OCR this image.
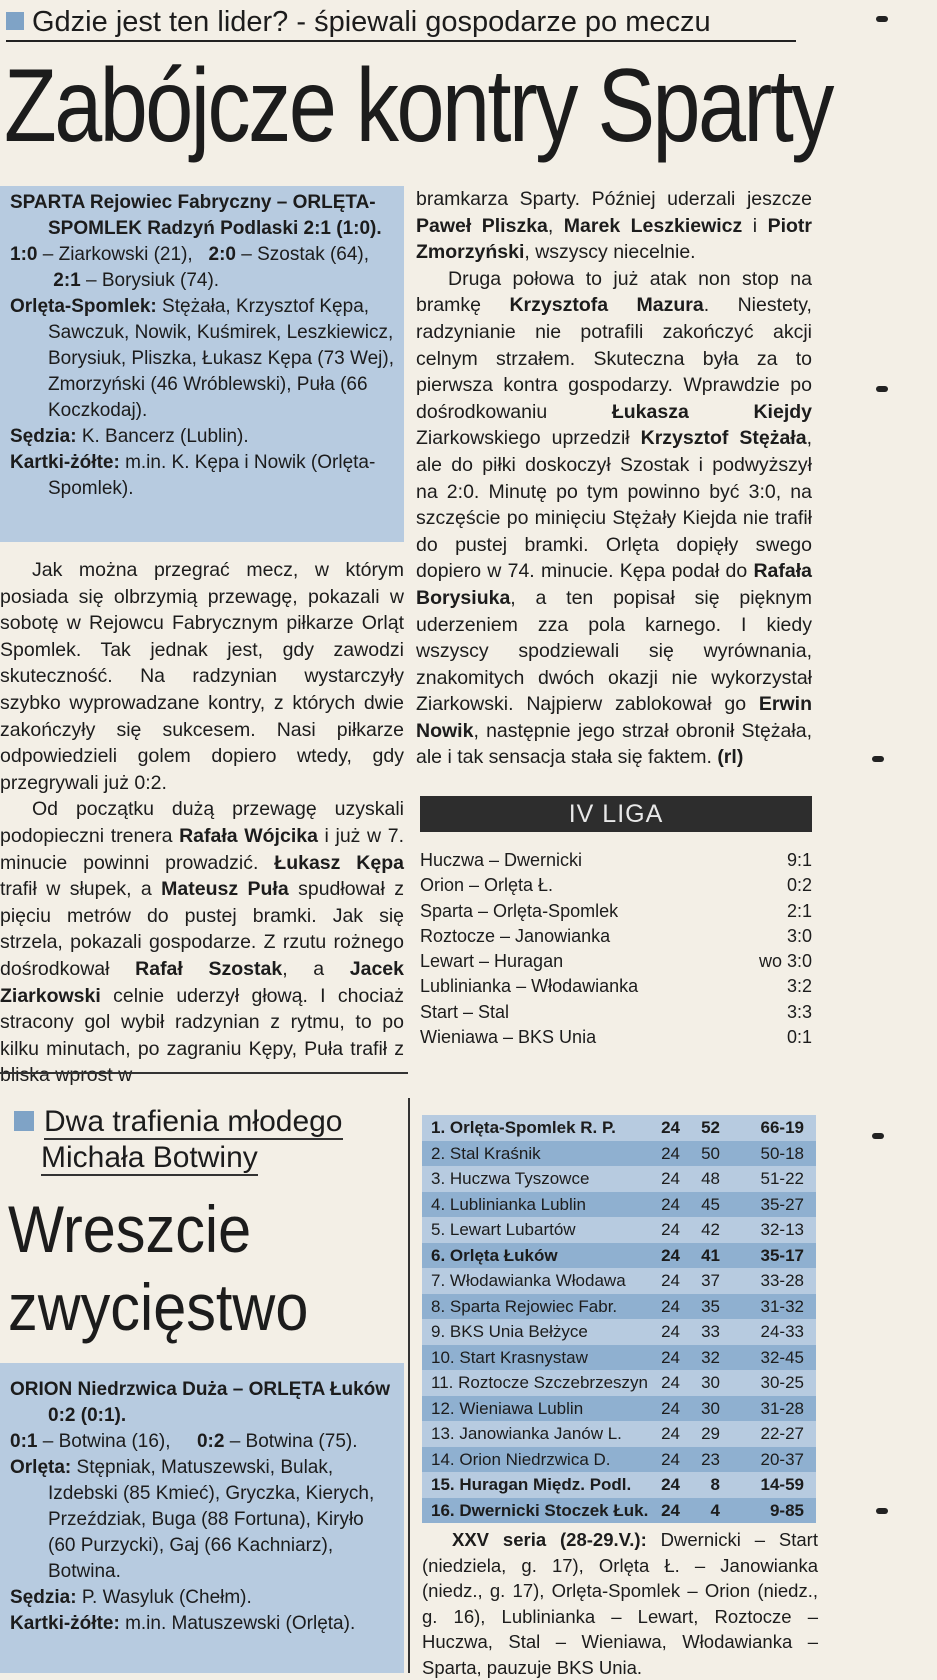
Gdzie jest ten lider? - śpiewali gospodarze po meczu
Zabójcze kontry Sparty

SPARTA Rejowiec Fabryczny – ORLĘTA-SPOMLEK Radzyń Podlaski 2:1 (1:0).

1:0 – Ziarkowski (21), 2:0 – Szostak (64),  2:1 – Borysiuk (74).

Orlęta-Spomlek: Stężała, Krzysztof Kępa, Sawczuk, Nowik, Kuśmirek, Leszkiewicz, Borysiuk, Pliszka, Łukasz Kępa (73 Wej), Zmorzyński (46 Wróblewski), Puła (66 Koczkodaj).

Sędzia: K. Bancerz (Lublin).

Kartki-żółte: m.in. K. Kępa i Nowik (Orlęta-Spomlek).

Jak można przegrać mecz, w którym posiada się olbrzymią przewagę, pokazali w sobotę w Rejowcu Fabrycznym piłkarze Orląt Spomlek. Tak jednak jest, gdy zawodzi skuteczność. Na radzynian wystarczyły szybko wyprowadzane kontry, z których dwie zakończyły się sukcesem. Nasi piłkarze odpowiedzieli golem dopiero wtedy, gdy przegrywali już 0:2.

Od początku dużą przewagę uzyskali podopieczni trenera Rafała Wójcika i już w 7. minucie powinni prowadzić. Łukasz Kępa trafił w słupek, a Mateusz Puła spudłował z pięciu metrów do pustej bramki. Jak się strzela, pokazali gospodarze. Z rzutu rożnego dośrodkował Rafał Szostak, a Jacek Ziarkowski celnie uderzył głową. I chociaż stracony gol wybił radzynian z rytmu, to po kilku minutach, po zagraniu Kępy, Puła trafił z bliska wprost w

bramkarza Sparty. Później uderzali jeszcze Paweł Pliszka, Marek Leszkiewicz i Piotr Zmorzyński, wszyscy niecelnie.

Druga połowa to już atak non stop na bramkę Krzysztofa Mazura. Niestety, radzynianie nie potrafili zakończyć akcji celnym strzałem. Skuteczna była za to pierwsza kontra gospodarzy. Wprawdzie po dośrodkowaniu Łukasza Kiejdy Ziarkowskiego uprzedził Krzysztof Stężała, ale do piłki doskoczył Szostak i podwyższył na 2:0. Minutę po tym powinno być 3:0, na szczęście po minięciu Stężały Kiejda nie trafił do pustej bramki. Orlęta dopięły swego dopiero w 74. minucie. Kępa podał do Rafała Borysiuka, a ten popisał się pięknym uderzeniem zza pola karnego. I kiedy wszyscy spodziewali się wyrównania, znakomitych dwóch okazji nie wykorzystał Ziarkowski. Najpierw zablokował go Erwin Nowik, następnie jego strzał obronił Stężała, ale i tak sensacja stała się faktem. (rl)

IV LIGA
Huczwa – Dwernicki	9:1
Orion – Orlęta Ł.	0:2
Sparta – Orlęta-Spomlek	2:1
Roztocze – Janowianka	3:0
Lewart – Huragan	wo 3:0
Lublinianka – Włodawianka	3:2
Start – Stal	3:3
Wieniawa – BKS Unia	0:1
1. Orlęta-Spomlek R. P.	24	52	66-19
2. Stal Kraśnik	24	50	50-18
3. Huczwa Tyszowce	24	48	51-22
4. Lublinianka Lublin	24	45	35-27
5. Lewart Lubartów	24	42	32-13
6. Orlęta Łuków	24	41	35-17
7. Włodawianka Włodawa	24	37	33-28
8. Sparta Rejowiec Fabr.	24	35	31-32
9. BKS Unia Bełżyce	24	33	24-33
10. Start Krasnystaw	24	32	32-45
11. Roztocze Szczebrzeszyn 24	30	30-25
12. Wieniawa Lublin	24	30	31-28
13. Janowianka Janów L.	24	29	22-27
14. Orion Niedrzwica D.	24	23	20-37
15. Huragan Międz. Podl.	24	8	14-59
16. Dwernicki Stoczek Łuk. 24	4	9-85

XXV seria (28-29.V.): Dwernicki – Start (niedziela, g. 17), Orlęta Ł. – Janowianka (niedz., g. 17), Orlęta-Spomlek – Orion (niedz., g. 16), Lublinianka – Lewart, Roztocze – Huczwa, Stal – Wieniawa, Włodawianka – Sparta, pauzuje BKS Unia.

Dwa trafienia młodego
Michała Botwiny
Wreszcie
zwycięstwo

ORION Niedrzwica Duża – ORLĘTA Łuków 0:2 (0:1).

0:1 – Botwina (16), 0:2 – Botwina (75).

Orlęta: Stępniak, Matuszewski, Bulak, Izdebski (85 Kmieć), Gryczka, Kierych, Przeździak, Buga (88 Fortuna), Kiryło (60 Purzycki), Gaj (66 Kachniarz), Botwina.

Sędzia: P. Wasyluk (Chełm).

Kartki-żółte: m.in. Matuszewski (Orlęta).
